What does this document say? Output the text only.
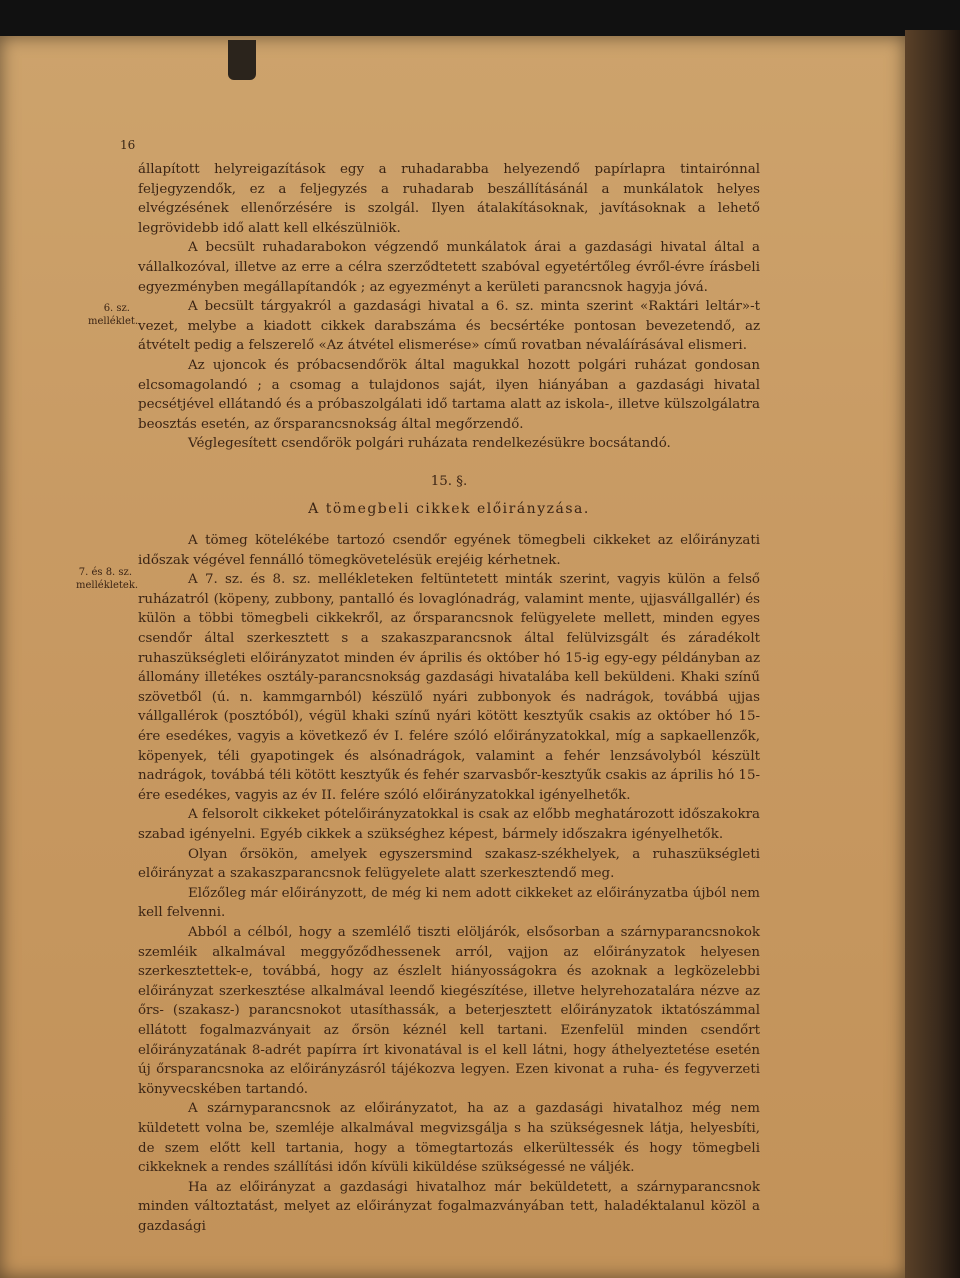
16
6. sz.
melléklet.
7. és 8. sz.
mellékletek.

állapított helyreigazítások egy a ruhadarabba helyezendő papírlapra tintairónnal feljegyzendők, ez a feljegyzés a ruhadarab beszállításánál a munkálatok helyes elvégzésének ellenőrzésére is szolgál. Ilyen átalakításoknak, javításoknak a lehető legrövidebb idő alatt kell elkészülniök.

A becsült ruhadarabokon végzendő munkálatok árai a gazdasági hivatal által a vállalkozóval, illetve az erre a célra szerződtetett szabóval egyetértőleg évről-évre írásbeli egyezményben megállapítandók ; az egyezményt a kerületi parancsnok hagyja jóvá.

A becsült tárgyakról a gazdasági hivatal a 6. sz. minta szerint «Raktári leltár»-t vezet, melybe a kiadott cikkek darabszáma és becsértéke pontosan bevezetendő, az átvételt pedig a felszerelő «Az átvétel elismerése» című rovatban névaláírásával elismeri.

Az ujoncok és próbacsendőrök által magukkal hozott polgári ruházat gondosan elcsomagolandó ; a csomag a tulajdonos saját, ilyen hiányában a gazdasági hivatal pecsétjével ellátandó és a próbaszolgálati idő tartama alatt az iskola-, illetve külszolgálatra beosztás esetén, az őrsparancsnokság által megőrzendő.

Véglegesített csendőrök polgári ruházata rendelkezésükre bocsátandó.

15. §.
A tömegbeli cikkek előirányzása.

A tömeg kötelékébe tartozó csendőr egyének tömegbeli cikkeket az előirányzati időszak végével fennálló tömegkövetelésük erejéig kérhetnek.

A 7. sz. és 8. sz. mellékleteken feltüntetett minták szerint, vagyis külön a felső ruházatról (köpeny, zubbony, pantalló és lovaglónadrág, valamint mente, ujjasvállgallér) és külön a többi tömegbeli cikkekről, az őrsparancsnok felügyelete mellett, minden egyes csendőr által szerkesztett s a szakaszparancsnok által felülvizsgált és záradékolt ruhaszükségleti előirányzatot minden év április és október hó 15-ig egy-egy példányban az állomány illetékes osztály-parancsnokság gazdasági hivatalába kell beküldeni. Khaki színű szövetből (ú. n. kammgarnból) készülő nyári zubbonyok és nadrágok, továbbá ujjas vállgallérok (posztóból), végül khaki színű nyári kötött kesztyűk csakis az október hó 15-ére esedékes, vagyis a következő év I. felére szóló előirányzatokkal, míg a sapkaellenzők, köpenyek, téli gyapotingek és alsónadrágok, valamint a fehér lenzsávolyból készült nadrágok, továbbá téli kötött kesztyűk és fehér szarvasbőr-kesztyűk csakis az április hó 15-ére esedékes, vagyis az év II. felére szóló előirányzatokkal igényelhetők.

A felsorolt cikkeket pótelőirányzatokkal is csak az előbb meghatározott időszakokra szabad igényelni. Egyéb cikkek a szükséghez képest, bármely időszakra igényelhetők.

Olyan őrsökön, amelyek egyszersmind szakasz-székhelyek, a ruhaszükségleti előirányzat a szakaszparancsnok felügyelete alatt szerkesztendő meg.

Előzőleg már előirányzott, de még ki nem adott cikkeket az előirányzatba újból nem kell felvenni.

Abból a célból, hogy a szemlélő tiszti elöljárók, elsősorban a szárnyparancsnokok szemléik alkalmával meggyőződhessenek arról, vajjon az előirányzatok helyesen szerkesztettek-e, továbbá, hogy az észlelt hiányosságokra és azoknak a legközelebbi előirányzat szerkesztése alkalmával leendő kiegészítése, illetve helyrehozatalára nézve az őrs- (szakasz-) parancsnokot utasíthassák, a beterjesztett előirányzatok iktatószámmal ellátott fogalmazványait az őrsön kéznél kell tartani. Ezenfelül minden csendőrt előirányzatának 8-adrét papírra írt kivonatával is el kell látni, hogy áthelyeztetése esetén új őrsparancsnoka az előirányzásról tájékozva legyen. Ezen kivonat a ruha- és fegyverzeti könyvecskében tartandó.

A szárnyparancsnok az előirányzatot, ha az a gazdasági hivatalhoz még nem küldetett volna be, szemléje alkalmával megvizsgálja s ha szükségesnek látja, helyesbíti, de szem előtt kell tartania, hogy a tömegtartozás elkerültessék és hogy tömegbeli cikkeknek a rendes szállítási időn kívüli kiküldése szükségessé ne váljék.

Ha az előirányzat a gazdasági hivatalhoz már beküldetett, a szárnyparancsnok minden változtatást, melyet az előirányzat fogalmazványában tett, haladéktalanul közöl a gazdasági
